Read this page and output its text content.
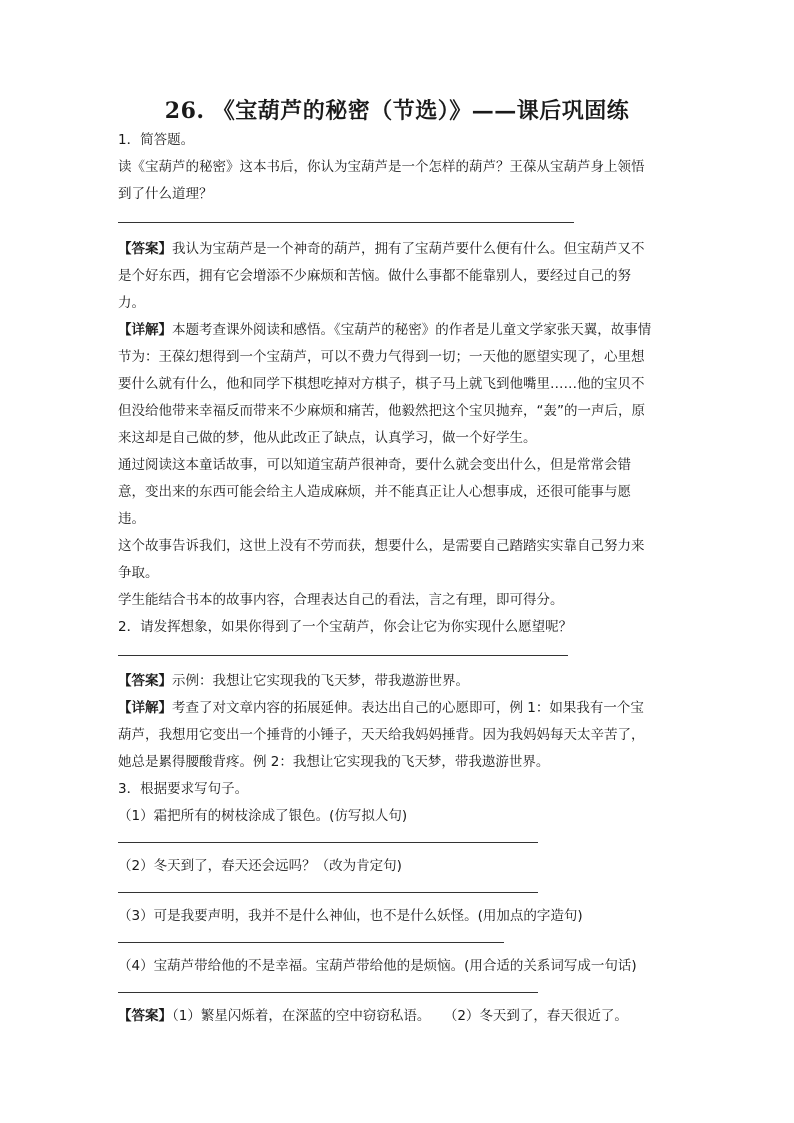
26. 《宝葫芦的秘密（节选）》——课后巩固练
1．简答题。
读《宝葫芦的秘密》这本书后，你认为宝葫芦是一个怎样的葫芦？王葆从宝葫芦身上领悟
到了什么道理？
【答案】我认为宝葫芦是一个神奇的葫芦，拥有了宝葫芦要什么便有什么。但宝葫芦又不
是个好东西，拥有它会增添不少麻烦和苦恼。做什么事都不能靠别人，要经过自己的努
力。
【详解】本题考查课外阅读和感悟。《宝葫芦的秘密》的作者是儿童文学家张天翼，故事情
节为：王葆幻想得到一个宝葫芦，可以不费力气得到一切；一天他的愿望实现了，心里想
要什么就有什么，他和同学下棋想吃掉对方棋子，棋子马上就飞到他嘴里……他的宝贝不
但没给他带来幸福反而带来不少麻烦和痛苦，他毅然把这个宝贝抛弃，“轰”的一声后，原
来这却是自己做的梦，他从此改正了缺点，认真学习，做一个好学生。
通过阅读这本童话故事，可以知道宝葫芦很神奇，要什么就会变出什么，但是常常会错
意，变出来的东西可能会给主人造成麻烦，并不能真正让人心想事成，还很可能事与愿
违。
这个故事告诉我们，这世上没有不劳而获，想要什么，是需要自己踏踏实实靠自己努力来
争取。
学生能结合书本的故事内容，合理表达自己的看法，言之有理，即可得分。
2．请发挥想象，如果你得到了一个宝葫芦，你会让它为你实现什么愿望呢？
【答案】示例：我想让它实现我的飞天梦，带我遨游世界。
【详解】考查了对文章内容的拓展延伸。表达出自己的心愿即可，例 1：如果我有一个宝
葫芦，我想用它变出一个捶背的小锤子，天天给我妈妈捶背。因为我妈妈每天太辛苦了，
她总是累得腰酸背疼。例 2：我想让它实现我的飞天梦，带我遨游世界。
3．根据要求写句子。
（1）霜把所有的树枝涂成了银色。(仿写拟人句)
（2）冬天到了，春天还会远吗？（改为肯定句)
（3）可是我要声明，我并不是什么神仙，也不是什么妖怪。(用加点的字造句)
（4）宝葫芦带给他的不是幸福。宝葫芦带给他的是烦恼。(用合适的关系词写成一句话)
【答案】（1）繁星闪烁着，在深蓝的空中窃窃私语。　　（2）冬天到了，春天很近了。
